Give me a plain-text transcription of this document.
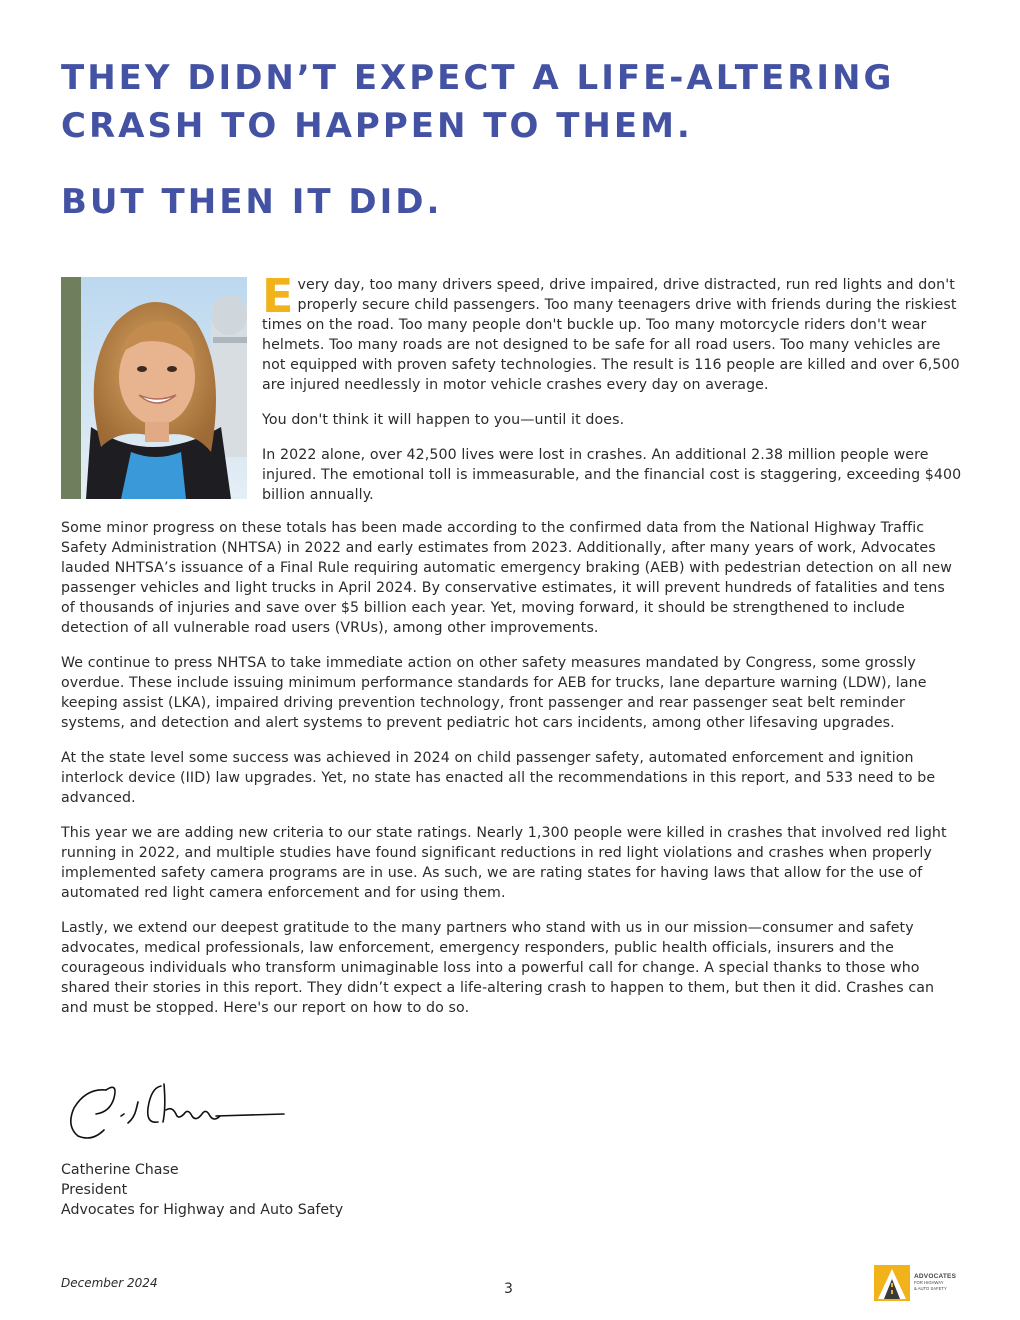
THEY DIDN’T EXPECT A LIFE-ALTERING
CRASH TO HAPPEN TO THEM.
BUT THEN IT DID.

Every day, too many drivers speed, drive impaired, drive distracted, run red lights and don't properly secure child passengers. Too many teenagers drive with friends during the riskiest times on the road. Too many people don't buckle up. Too many motorcycle riders don't wear helmets. Too many roads are not designed to be safe for all road users. Too many vehicles are not equipped with proven safety technologies. The result is 116 people are killed and over 6,500 are injured needlessly in motor vehicle crashes every day on average.

You don't think it will happen to you—until it does.

In 2022 alone, over 42,500 lives were lost in crashes. An additional 2.38 million people were injured. The emotional toll is immeasurable, and the financial cost is staggering, exceeding $400 billion annually.

Some minor progress on these totals has been made according to the confirmed data from the National Highway Traffic Safety Administration (NHTSA) in 2022 and early estimates from 2023. Additionally, after many years of work, Advocates lauded NHTSA’s issuance of a Final Rule requiring automatic emergency braking (AEB) with pedestrian detection on all new passenger vehicles and light trucks in April 2024. By conservative estimates, it will prevent hundreds of fatalities and tens of thousands of injuries and save over $5 billion each year. Yet, moving forward, it should be strengthened to include detection of all vulnerable road users (VRUs), among other improvements.

We continue to press NHTSA to take immediate action on other safety measures mandated by Congress, some grossly overdue. These include issuing minimum performance standards for AEB for trucks, lane departure warning (LDW), lane keeping assist (LKA), impaired driving prevention technology, front passenger and rear passenger seat belt reminder systems, and detection and alert systems to prevent pediatric hot cars incidents, among other lifesaving upgrades.

At the state level some success was achieved in 2024 on child passenger safety, automated enforcement and ignition interlock device (IID) law upgrades. Yet, no state has enacted all the recommendations in this report, and 533 need to be advanced.

This year we are adding new criteria to our state ratings. Nearly 1,300 people were killed in crashes that involved red light running in 2022, and multiple studies have found significant reductions in red light violations and crashes when properly implemented safety camera programs are in use. As such, we are rating states for having laws that allow for the use of automated red light camera enforcement and for using them.

Lastly, we extend our deepest gratitude to the many partners who stand with us in our mission—consumer and safety advocates, medical professionals, law enforcement, emergency responders, public health officials, insurers and the courageous individuals who transform unimaginable loss into a powerful call for change. A special thanks to those who shared their stories in this report. They didn’t expect a life-altering crash to happen to them, but then it did. Crashes can and must be stopped. Here's our report on how to do so.

Catherine Chase
President
Advocates for Highway and Auto Safety
December 2024	3
ADVOCATES
FOR HIGHWAY
& AUTO SAFETY
